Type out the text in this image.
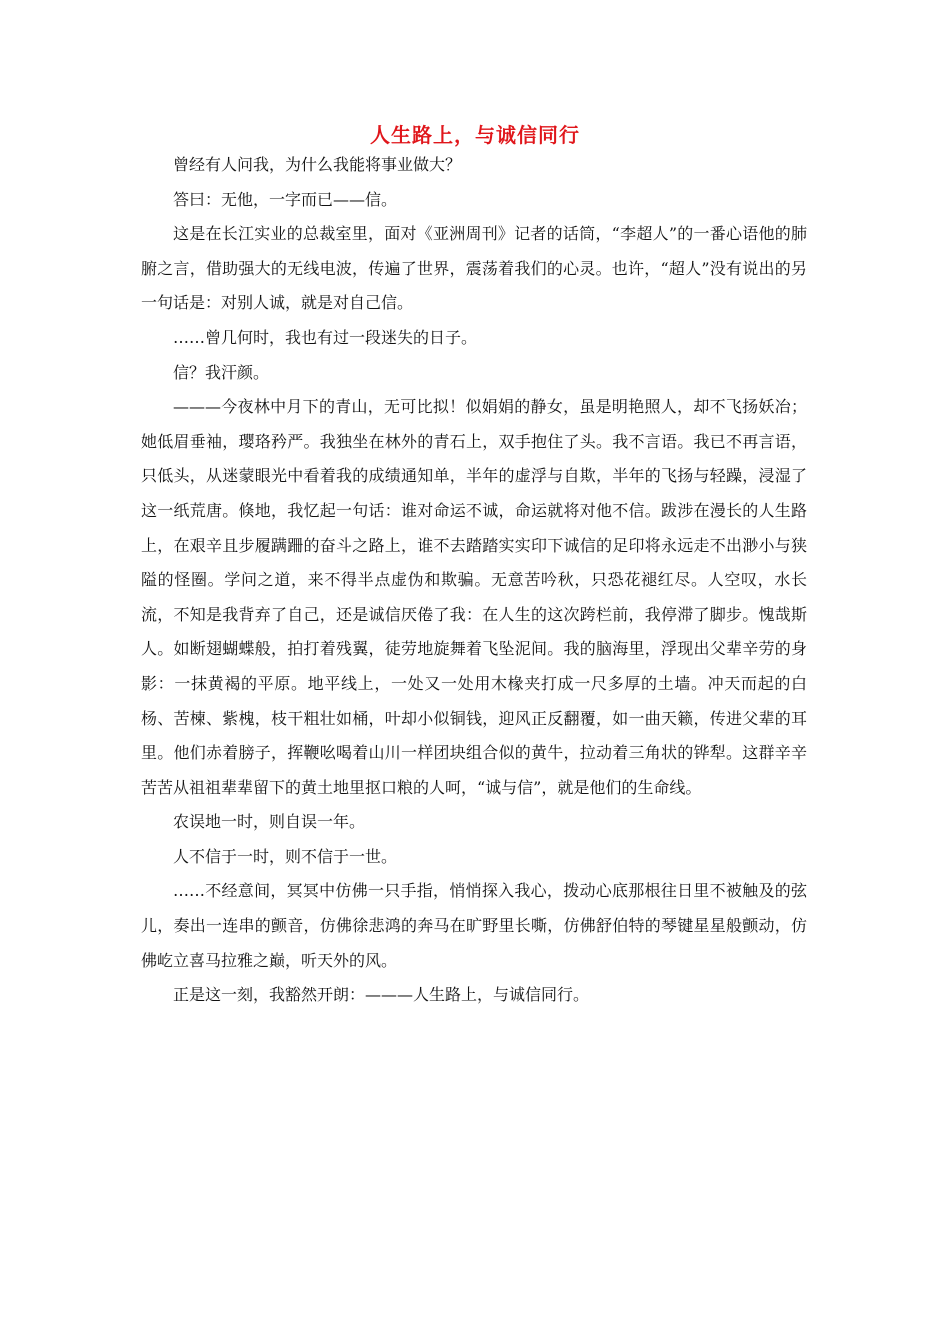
人生路上，与诚信同行

曾经有人问我，为什么我能将事业做大？

答曰：无他，一字而已——信。

这是在长江实业的总裁室里，面对《亚洲周刊》记者的话筒，“李超人”的一番心语他的肺腑之言，借助强大的无线电波，传遍了世界，震荡着我们的心灵。也许，“超人”没有说出的另一句话是：对别人诚，就是对自己信。

……曾几何时，我也有过一段迷失的日子。

信？我汗颜。

———今夜林中月下的青山，无可比拟！似娟娟的静女，虽是明艳照人，却不飞扬妖冶；她低眉垂袖，璎珞矜严。我独坐在林外的青石上，双手抱住了头。我不言语。我已不再言语，只低头，从迷蒙眼光中看着我的成绩通知单，半年的虚浮与自欺，半年的飞扬与轻躁，浸湿了这一纸荒唐。倏地，我忆起一句话：谁对命运不诚，命运就将对他不信。跋涉在漫长的人生路上，在艰辛且步履蹒跚的奋斗之路上，谁不去踏踏实实印下诚信的足印将永远走不出渺小与狭隘的怪圈。学问之道，来不得半点虚伪和欺骗。无意苦吟秋，只恐花褪红尽。人空叹，水长流，不知是我背弃了自己，还是诚信厌倦了我：在人生的这次跨栏前，我停滞了脚步。愧哉斯人。如断翅蝴蝶般，拍打着残翼，徒劳地旋舞着飞坠泥间。我的脑海里，浮现出父辈辛劳的身影：一抹黄褐的平原。地平线上，一处又一处用木椽夹打成一尺多厚的土墙。冲天而起的白杨、苦楝、紫槐，枝干粗壮如桶，叶却小似铜钱，迎风正反翻覆，如一曲天籁，传进父辈的耳里。他们赤着膀子，挥鞭吆喝着山川一样团块组合似的黄牛，拉动着三角状的铧犁。这群辛辛苦苦从祖祖辈辈留下的黄土地里抠口粮的人呵，“诚与信”，就是他们的生命线。

农误地一时，则自误一年。

人不信于一时，则不信于一世。

……不经意间，冥冥中仿佛一只手指，悄悄探入我心，拨动心底那根往日里不被触及的弦儿，奏出一连串的颤音，仿佛徐悲鸿的奔马在旷野里长嘶，仿佛舒伯特的琴键星星般颤动，仿佛屹立喜马拉雅之巅，听天外的风。

正是这一刻，我豁然开朗：———人生路上，与诚信同行。
